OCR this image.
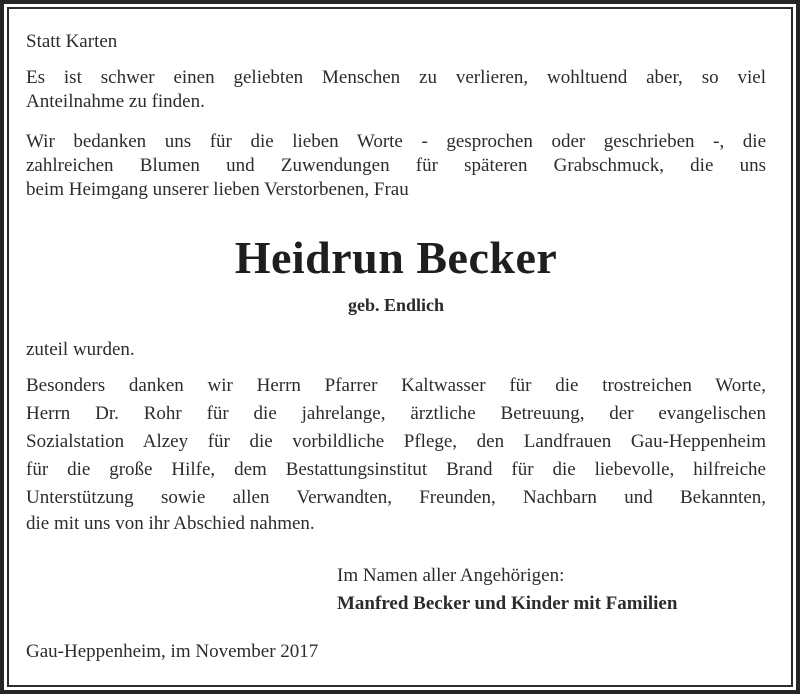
Statt Karten
Es ist schwer einen geliebten Menschen zu verlieren, wohltuend aber, so viel
Anteilnahme zu finden.
Wir bedanken uns für die lieben Worte - gesprochen oder geschrieben -, die
zahlreichen Blumen und Zuwendungen für späteren Grabschmuck, die uns
beim Heimgang unserer lieben Verstorbenen, Frau
Heidrun Becker
geb. Endlich
zuteil wurden.
Besonders danken wir Herrn Pfarrer Kaltwasser für die trostreichen Worte,
Herrn Dr. Rohr für die jahrelange, ärztliche Betreuung, der evangelischen
Sozialstation Alzey für die vorbildliche Pflege, den Landfrauen Gau-Heppenheim
für die große Hilfe, dem Bestattungsinstitut Brand für die liebevolle, hilfreiche
Unterstützung sowie allen Verwandten, Freunden, Nachbarn und Bekannten,
die mit uns von ihr Abschied nahmen.
Im Namen aller Angehörigen:
Manfred Becker und Kinder mit Familien
Gau-Heppenheim, im November 2017
